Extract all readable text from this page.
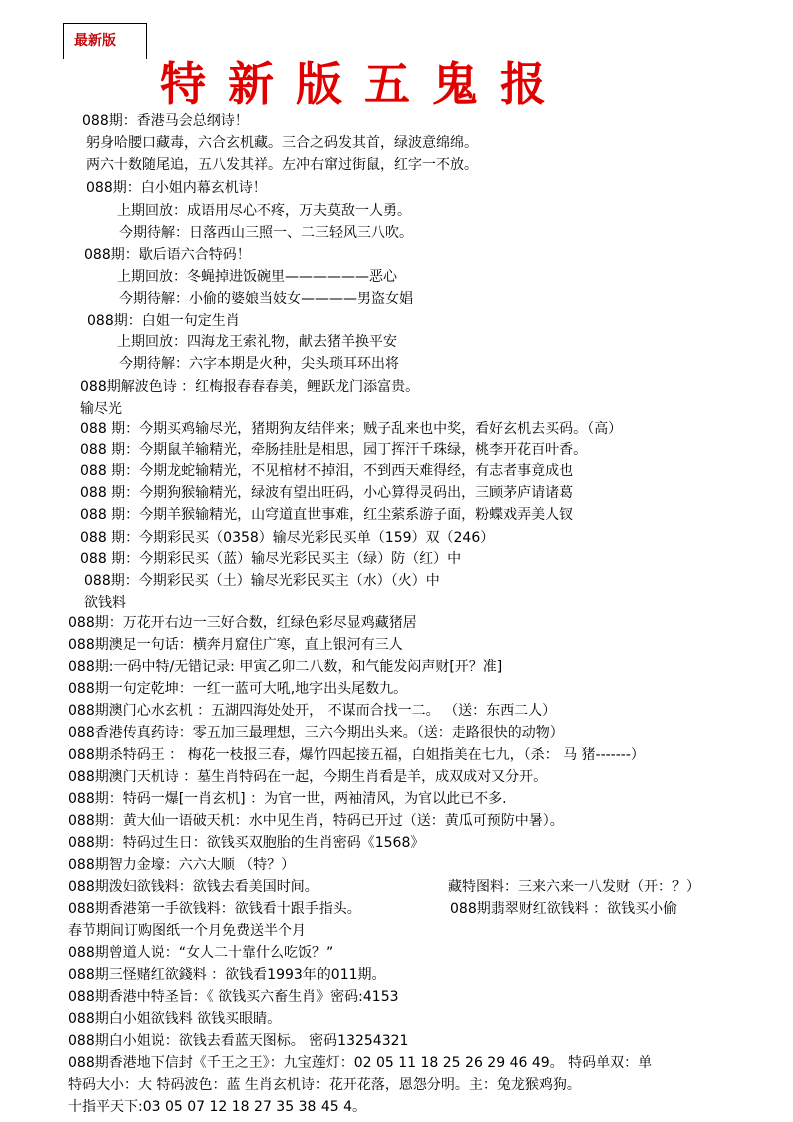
最新版
特新版五鬼报
088期：香港马会总纲诗！
躬身哈腰口藏毒，六合玄机藏。三合之码发其首，绿波意绵绵。
两六十数随尾追，五八发其祥。左冲右窜过街鼠，红字一不放。
088期：白小姐内幕玄机诗！
上期回放：成语用尽心不疼，万夫莫敌一人勇。
今期待解：日落西山三照一、二三轻风三八吹。
088期：歇后语六合特码！
上期回放：冬蝇掉进饭碗里——————恶心
今期待解：小偷的婆娘当妓女————男盗女娼
088期：白姐一句定生肖
上期回放：四海龙王索礼物，献去猪羊换平安
今期待解：六字本期是火种，尖头琐耳环出将
088期解波色诗 ：红梅报春春春美，鲤跃龙门添富贵。
输尽光
088 期：今期买鸡输尽光，猪期狗友结伴来；贼子乱来也中奖，看好玄机去买码。（高）
088 期：今期鼠羊输精光，牵肠挂肚是相思，园丁挥汗千珠绿，桃李开花百叶香。
088 期：今期龙蛇输精光，不见棺材不掉泪，不到西天难得经，有志者事竟成也
088 期：今期狗猴输精光，绿波有望出旺码，小心算得灵码出，三顾茅庐请诸葛
088 期：今期羊猴输精光，山穹道直世事难，红尘萦系游子面，粉蝶戏弄美人钗
088 期：今期彩民买（0358）输尽光彩民买单（159）双（246）
088 期：今期彩民买（蓝）输尽光彩民买主（绿）防（红）中
088期：今期彩民买（土）输尽光彩民买主（水）（火）中
欲钱料
088期：万花开右边一三好合数，红绿色彩尽显鸡藏猪居
088期澳足一句话：横奔月窟住广寒，直上银河有三人
088期:一码中特/无错记录: 甲寅乙卯二八数，和气能发闷声财[开？准]
088期一句定乾坤：一红一蓝可大吼,地字出头尾数九。
088期澳门心水玄机 ：五湖四海处处开， 不谋而合找一二。 （送：东西二人）
088香港传真药诗：零五加三最理想，三六今期出头来。（送：走路很快的动物）
088期杀特码王 ： 梅花一枝报三春，爆竹四起接五福，白姐指美在七九，（杀： 马 猪-------）
088期澳门天机诗 ：墓生肖特码在一起，今期生肖看是羊，成双成对又分开。
088期：特码一爆[一肖玄机] ：为官一世，两袖清风，为官以此已不多.
088期：黄大仙一语破天机：水中见生肖，特码已开过（送：黄瓜可预防中暑）。
088期：特码过生日：欲钱买双胞胎的生肖密码《1568》
088期智力金壕：六六大顺 （特？）
088期泼妇欲钱料：欲钱去看美国时间。	藏特图料：三来六来一八发财（开：？）
088期香港第一手欲钱料：欲钱看十跟手指头。	088期翡翠财红欲钱料 ：欲钱买小偷
春节期间订购图纸一个月免费送半个月
088期曾道人说：“女人二十靠什么吃饭？”
088期三怪赌红欲錢料 ：欲钱看1993年的011期。
088期香港中特圣旨：《 欲钱买六畜生肖》密码:4153
088期白小姐欲钱料 欲钱买眼睛。
088期白小姐说：欲钱去看蓝天图标。 密码13254321
088期香港地下信封《千王之王》：九宝莲灯：02 05 11 18 25 26 29 46 49。 特码单双：单
特码大小：大 特码波色：蓝 生肖玄机诗：花开花落，恩怨分明。主：兔龙猴鸡狗。
十指平天下:03 05 07 12 18 27 35 38 45 4。
